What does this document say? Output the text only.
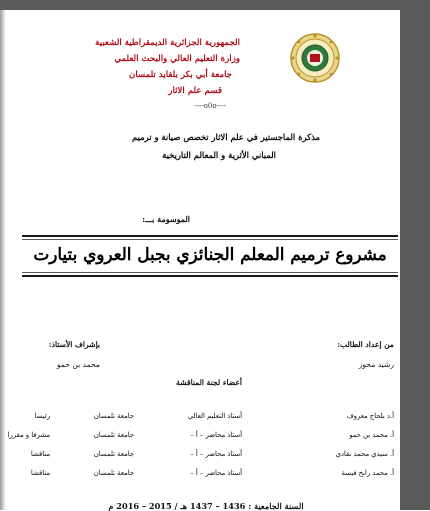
الجمهورية الجزائرية الديمقراطية الشعبية
وزارة التعليم العالي والبحث العلمي
جامعة أبي بكر بلقايد تلمسان
قسم علم الاثار
----o0o----
مذكرة الماجستير في علم الاثار تخصص صيانة و ترميم
المباني الأثرية و المعالم التاريخية
الموسومة بـــ:
مشروع ترميم المعلم الجنائزي بجبل العروي بتيارت
من إعداد الطالب:
رشيد محوز
بإشراف الأستاذ:
محمد بن حمو
أعضاء لجنة المناقشة
أ.د بلحاج معروف
أستاذ التعليم العالي
جامعة تلمسان
رئيسا
أ. محمد بن حمو
أستاذ محاضر – أ –
جامعة تلمسان
مشرفا و مقررا
أ. سيدي محمد نقادي
أستاذ محاضر – أ –
جامعة تلمسان
مناقشا
أ. محمد رابح فيسة
أستاذ محاضر – أ –
جامعة تلمسان
مناقشا
السنة الجامعية : 1436 – 1437 هـ / 2015 – 2016 م
